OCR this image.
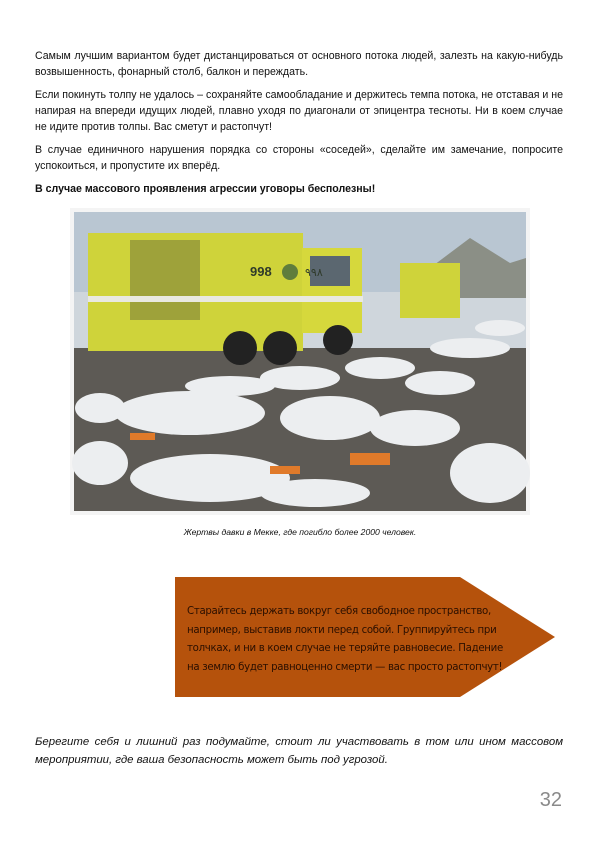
Самым лучшим вариантом будет дистанцироваться от основного потока людей, залезть на какую-нибудь возвышенность, фонарный столб, балкон и переждать.

Если покинуть толпу не удалось – сохраняйте самообладание и держитесь темпа потока, не отставая и не напирая на впереди идущих людей, плавно уходя по диагонали от эпицентра тесноты. Ни в коем случае не идите против толпы. Вас сметут и растопчут!

В случае единичного нарушения порядка со стороны «соседей», сделайте им замечание, попросите успокоиться, и пропустите их вперёд.

В случае массового проявления агрессии уговоры бесполезны!

998	٩٩٨
Жертвы давки в Мекке, где погибло более 2000 человек.
Старайтесь держать вокруг себя свободное пространство, например, выставив локти перед собой. Группируйтесь при толчках, и ни в коем случае не теряйте равновесие. Падение на землю будет равноценно смерти — вас просто растопчут!
Берегите себя и лишний раз подумайте, стоит ли участвовать в том или ином массовом мероприятии, где ваша безопасность может быть под угрозой.
32
